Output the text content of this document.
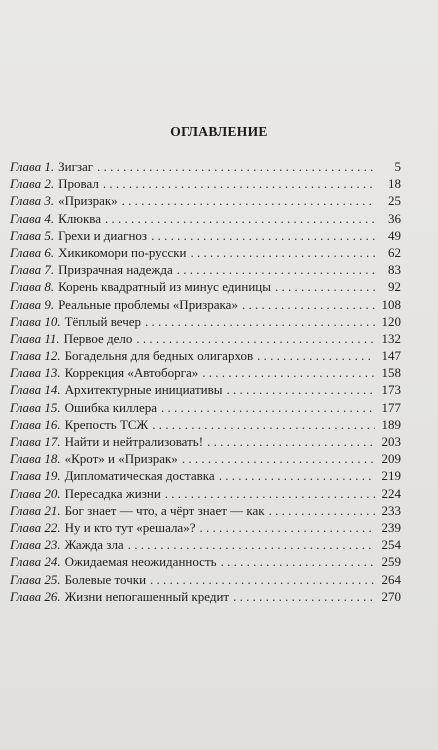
ОГЛАВЛЕНИЕ
Глава 1. Зигзаг . . .	5
Глава 2. Провал . . .	18
Глава 3. «Призрак» . . .	25
Глава 4. Клюква . . .	36
Глава 5. Грехи и диагноз . . .	49
Глава 6. Хикикомори по-русски . . .	62
Глава 7. Призрачная надежда . . .	83
Глава 8. Корень квадратный из минус единицы . . .	92
Глава 9. Реальные проблемы «Призрака» . . .	108
Глава 10. Тёплый вечер . . .	120
Глава 11. Первое дело . . .	132
Глава 12. Богадельня для бедных олигархов . . .	147
Глава 13. Коррекция «Автоборга» . . .	158
Глава 14. Архитектурные инициативы . . .	173
Глава 15. Ошибка киллера . . .	177
Глава 16. Крепость ТСЖ . . .	189
Глава 17. Найти и нейтрализовать! . . .	203
Глава 18. «Крот» и «Призрак» . . .	209
Глава 19. Дипломатическая доставка . . .	219
Глава 20. Пересадка жизни . . .	224
Глава 21. Бог знает — что, а чёрт знает — как . . .	233
Глава 22. Ну и кто тут «решала»? . . .	239
Глава 23. Жажда зла . . .	254
Глава 24. Ожидаемая неожиданность . . .	259
Глава 25. Болевые точки . . .	264
Глава 26. Жизни непогашенный кредит . . .	270
